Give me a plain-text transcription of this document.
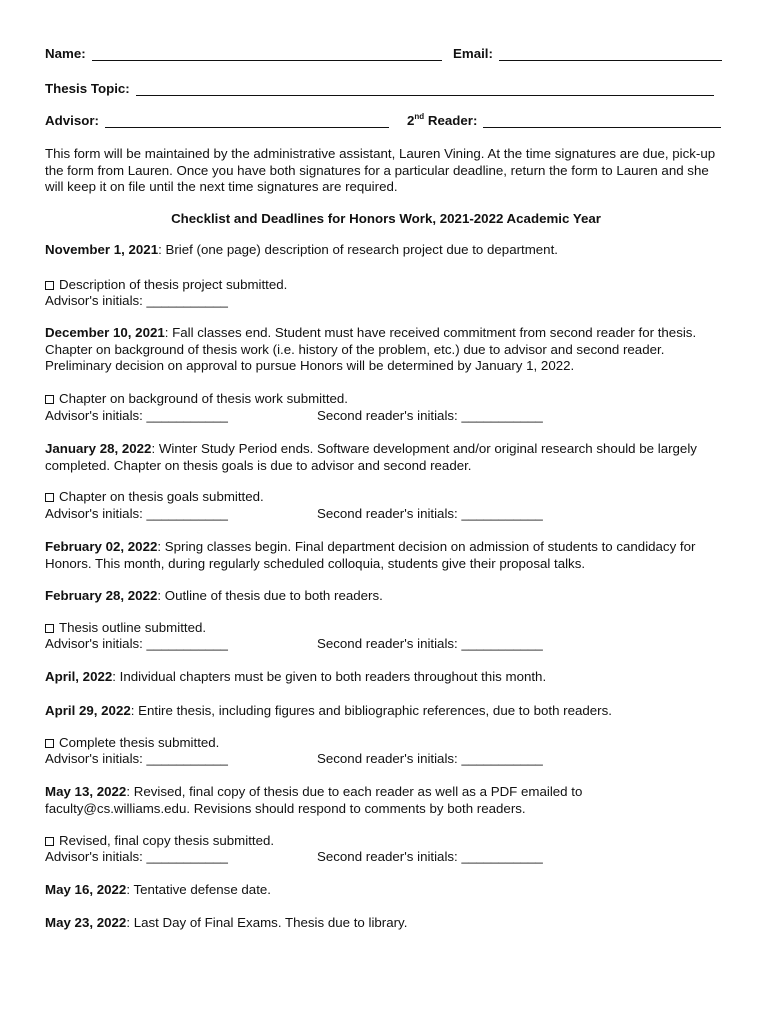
Name:	Email:
Thesis Topic:
Advisor:	2nd Reader:
This form will be maintained by the administrative assistant, Lauren Vining. At the time signatures are due, pick-up the form from Lauren. Once you have both signatures for a particular deadline, return the form to Lauren and she will keep it on file until the next time signatures are required.
Checklist and Deadlines for Honors Work, 2021-2022 Academic Year
November 1, 2021: Brief (one page) description of research project due to department.
Description of thesis project submitted.
Advisor's initials: ___________
December 10, 2021: Fall classes end. Student must have received commitment from second reader for thesis. Chapter on background of thesis work (i.e. history of the problem, etc.) due to advisor and second reader. Preliminary decision on approval to pursue Honors will be determined by January 1, 2022.
Chapter on background of thesis work submitted.
Advisor's initials: ___________	Second reader's initials: ___________
January 28, 2022: Winter Study Period ends. Software development and/or original research should be largely completed. Chapter on thesis goals is due to advisor and second reader.
Chapter on thesis goals submitted.
Advisor's initials: ___________	Second reader's initials: ___________
February 02, 2022: Spring classes begin. Final department decision on admission of students to candidacy for Honors. This month, during regularly scheduled colloquia, students give their proposal talks.
February 28, 2022: Outline of thesis due to both readers.
Thesis outline submitted.
Advisor's initials: ___________	Second reader's initials: ___________
April, 2022: Individual chapters must be given to both readers throughout this month.
April 29, 2022: Entire thesis, including figures and bibliographic references, due to both readers.
Complete thesis submitted.
Advisor's initials: ___________	Second reader's initials: ___________
May 13, 2022: Revised, final copy of thesis due to each reader as well as a PDF emailed to faculty@cs.williams.edu. Revisions should respond to comments by both readers.
Revised, final copy thesis submitted.
Advisor's initials: ___________	Second reader's initials: ___________
May 16, 2022: Tentative defense date.
May 23, 2022: Last Day of Final Exams. Thesis due to library.
